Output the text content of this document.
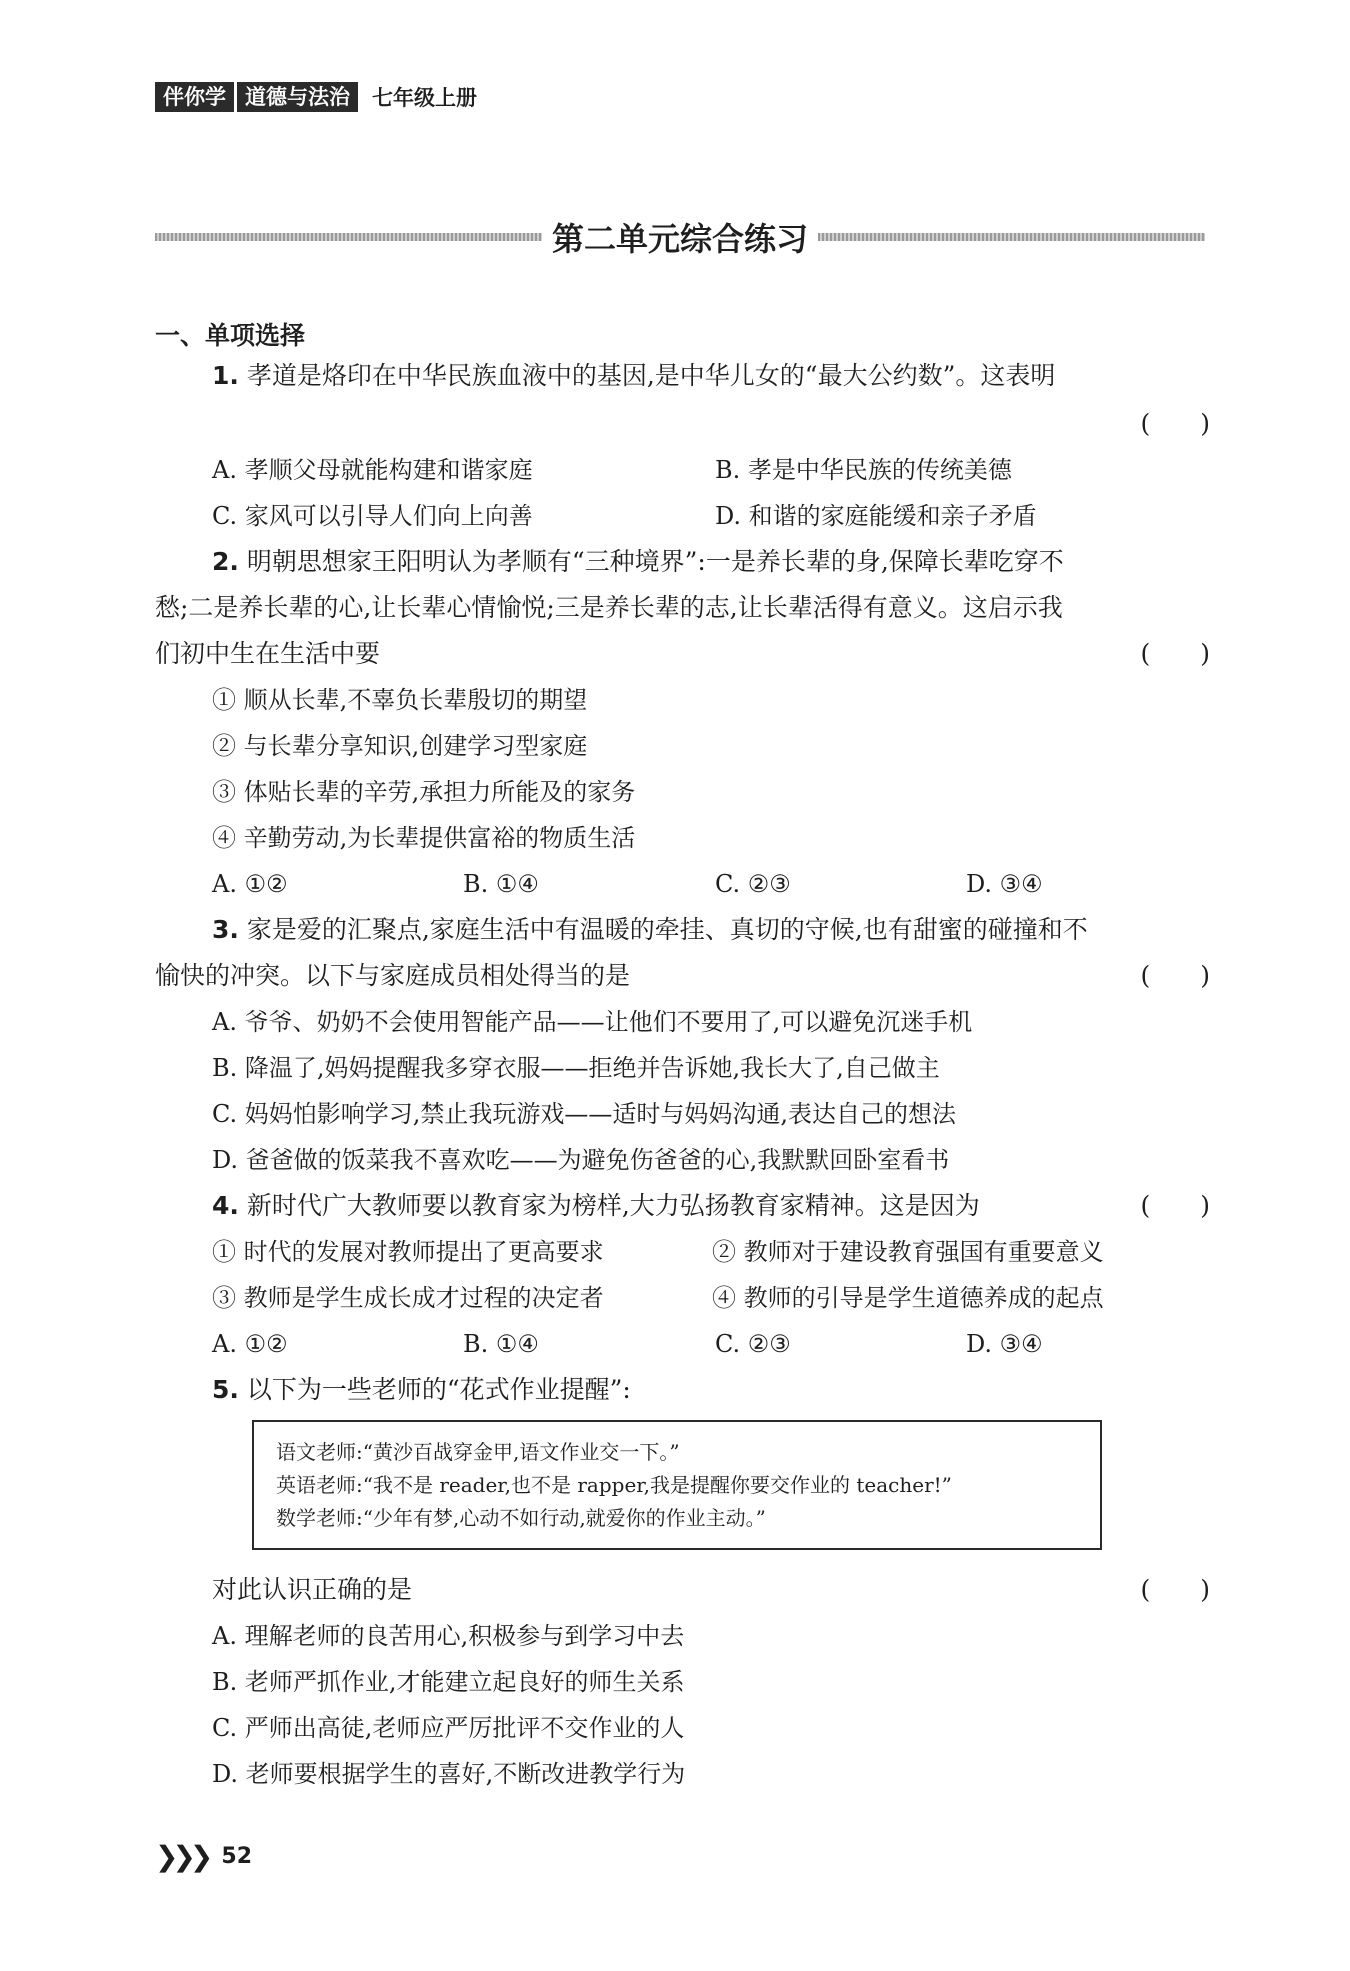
伴你学 道德与法治	七年级上册
第二单元综合练习
一、单项选择
1. 孝道是烙印在中华民族血液中的基因,是中华儿女的“最大公约数”。这表明
(　　)
A. 孝顺父母就能构建和谐家庭	B. 孝是中华民族的传统美德
C. 家风可以引导人们向上向善	D. 和谐的家庭能缓和亲子矛盾
2. 明朝思想家王阳明认为孝顺有“三种境界”:一是养长辈的身,保障长辈吃穿不
愁;二是养长辈的心,让长辈心情愉悦;三是养长辈的志,让长辈活得有意义。这启示我
们初中生在生活中要	(　　)
① 顺从长辈,不辜负长辈殷切的期望
② 与长辈分享知识,创建学习型家庭
③ 体贴长辈的辛劳,承担力所能及的家务
④ 辛勤劳动,为长辈提供富裕的物质生活
A. ①②	B. ①④	C. ②③	D. ③④
3. 家是爱的汇聚点,家庭生活中有温暖的牵挂、真切的守候,也有甜蜜的碰撞和不
愉快的冲突。以下与家庭成员相处得当的是	(　　)
A. 爷爷、奶奶不会使用智能产品——让他们不要用了,可以避免沉迷手机
B. 降温了,妈妈提醒我多穿衣服——拒绝并告诉她,我长大了,自己做主
C. 妈妈怕影响学习,禁止我玩游戏——适时与妈妈沟通,表达自己的想法
D. 爸爸做的饭菜我不喜欢吃——为避免伤爸爸的心,我默默回卧室看书
4. 新时代广大教师要以教育家为榜样,大力弘扬教育家精神。这是因为	(　　)
① 时代的发展对教师提出了更高要求	② 教师对于建设教育强国有重要意义
③ 教师是学生成长成才过程的决定者	④ 教师的引导是学生道德养成的起点
A. ①②	B. ①④	C. ②③	D. ③④
5. 以下为一些老师的“花式作业提醒”:
语文老师:“黄沙百战穿金甲,语文作业交一下。”
英语老师:“我不是 reader,也不是 rapper,我是提醒你要交作业的 teacher!”
数学老师:“少年有梦,心动不如行动,就爱你的作业主动。”
对此认识正确的是	(　　)
A. 理解老师的良苦用心,积极参与到学习中去
B. 老师严抓作业,才能建立起良好的师生关系
C. 严师出高徒,老师应严厉批评不交作业的人
D. 老师要根据学生的喜好,不断改进教学行为
❯❯❯ 52
